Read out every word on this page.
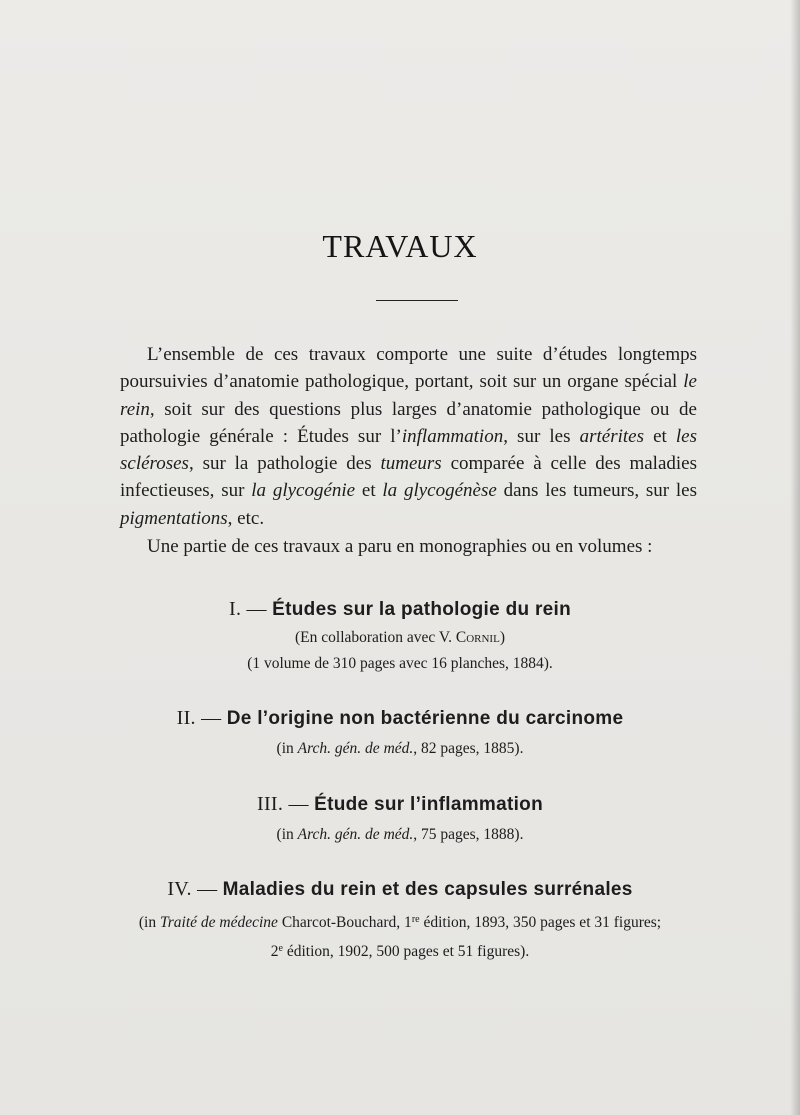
TRAVAUX

L’ensemble de ces travaux comporte une suite d’études longtemps poursuivies d’anatomie pathologique, portant, soit sur un organe spécial le rein, soit sur des questions plus larges d’anatomie pathologique ou de pathologie générale : Études sur l’inflammation, sur les artérites et les scléroses, sur la pathologie des tumeurs comparée à celle des maladies infectieuses, sur la glycogénie et la glycogénèse dans les tumeurs, sur les pigmentations, etc.

Une partie de ces travaux a paru en monographies ou en volumes :

I. — Études sur la pathologie du rein
(En collaboration avec V. Cornil)
(1 volume de 310 pages avec 16 planches, 1884).
II. — De l’origine non bactérienne du carcinome
(in Arch. gén. de méd., 82 pages, 1885).
III. — Étude sur l’inflammation
(in Arch. gén. de méd., 75 pages, 1888).
IV. — Maladies du rein et des capsules surrénales
(in Traité de médecine Charcot-Bouchard, 1re édition, 1893, 350 pages et 31 figures;
2e édition, 1902, 500 pages et 51 figures).
